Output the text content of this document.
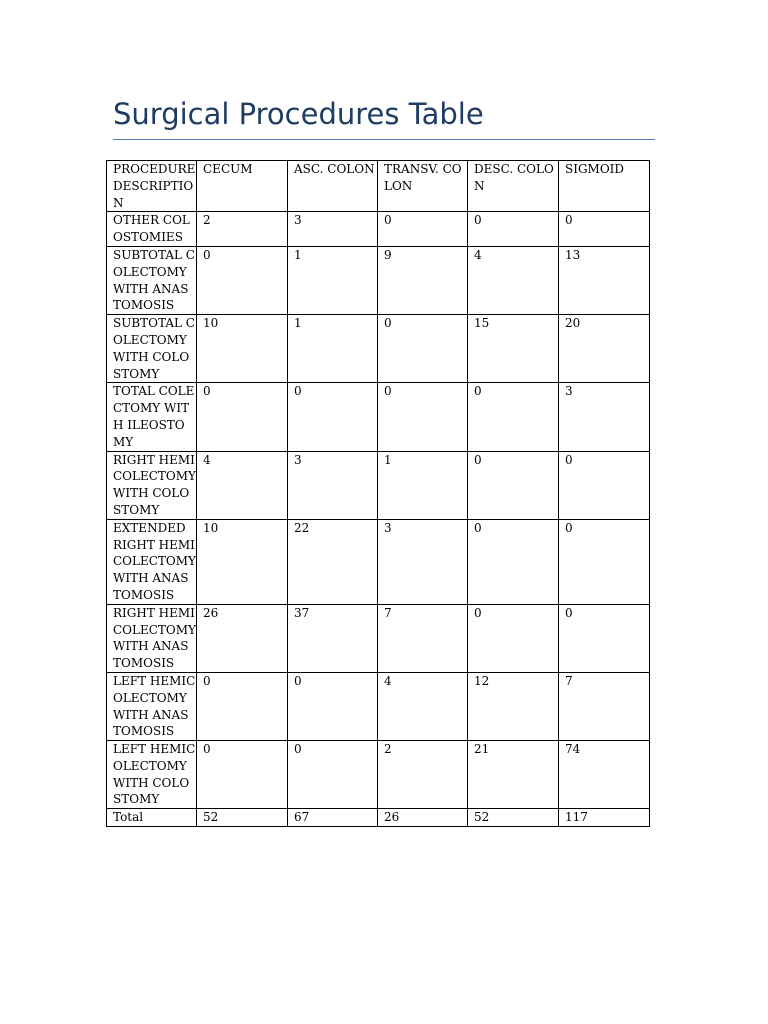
Surgical Procedures Table
PROCEDURE DESCRIPTION	CECUM	ASC. COLON	TRANSV. COLON	DESC. COLON	SIGMOID

OTHER COLOSTOMIES	2	3	0	0	0

SUBTOTAL COLECTOMY WITH ANASTOMOSIS	0	1	9	4	13

SUBTOTAL COLECTOMY WITH COLOSTOMY	10	1	0	15	20

TOTAL COLECTOMY WITH ILEOSTOMY	0	0	0	0	3

RIGHT HEMICOLECTOMY WITH COLOSTOMY	4	3	1	0	0

EXTENDED RIGHT HEMICOLECTOMY WITH ANASTOMOSIS	10	22	3	0	0

RIGHT HEMICOLECTOMY WITH ANASTOMOSIS	26	37	7	0	0

LEFT HEMICOLECTOMY WITH ANASTOMOSIS	0	0	4	12	7

LEFT HEMICOLECTOMY WITH COLOSTOMY	0	0	2	21	74

Total	52	67	26	52	117
